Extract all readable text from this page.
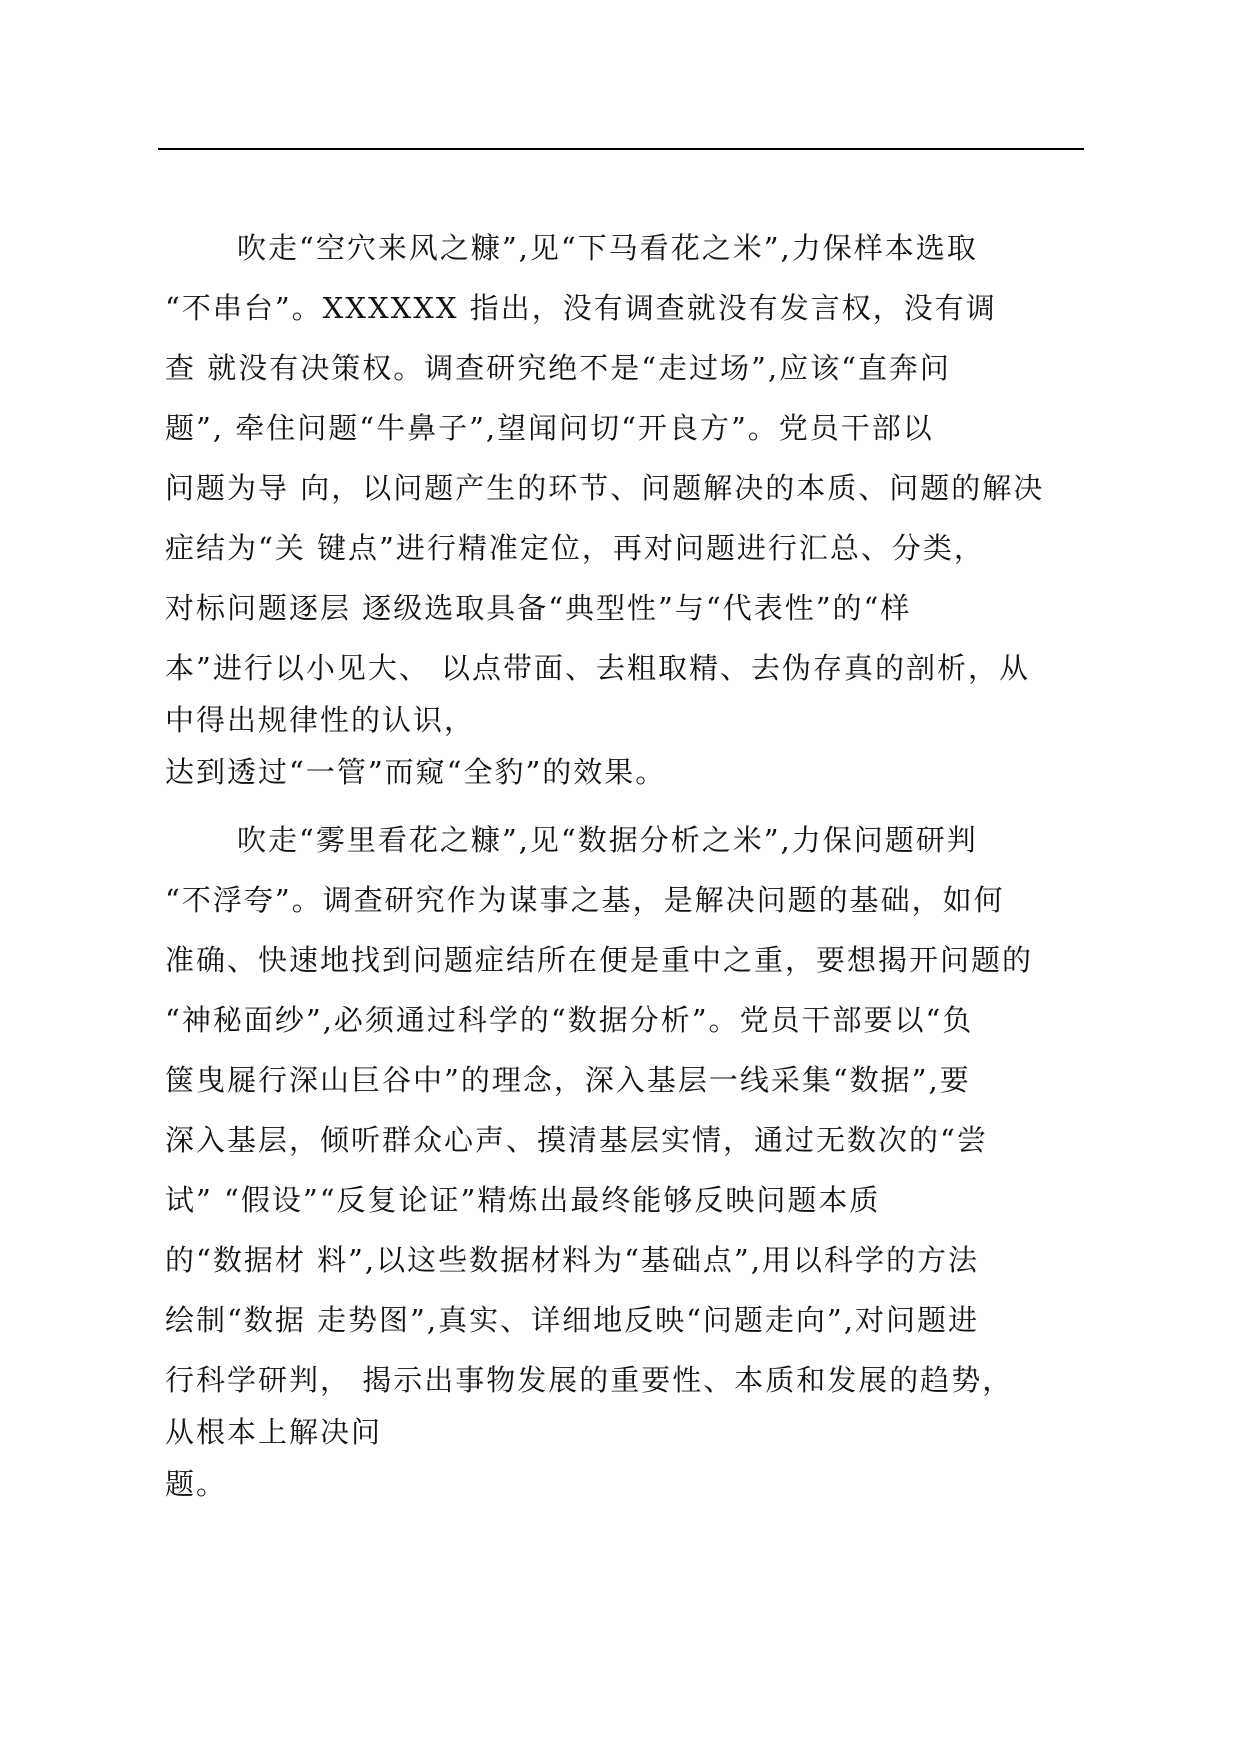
吹走“空穴来风之糠”,见“下马看花之米”,力保样本选取
“不串台”。XXXXXX 指出，没有调查就没有发言权，没有调
查 就没有决策权。调查研究绝不是“走过场”,应该“直奔问
题”, 牵住问题“牛鼻子”,望闻问切“开良方”。党员干部以
问题为导 向，以问题产生的环节、问题解决的本质、问题的解决
症结为“关 键点”进行精准定位，再对问题进行汇总、分类，
对标问题逐层 逐级选取具备“典型性”与“代表性”的“样
本”进行以小见大、 以点带面、去粗取精、去伪存真的剖析，从
中得出规律性的认识，
达到透过“一管”而窥“全豹”的效果。
吹走“雾里看花之糠”,见“数据分析之米”,力保问题研判
“不浮夸”。调查研究作为谋事之基，是解决问题的基础，如何
准确、快速地找到问题症结所在便是重中之重，要想揭开问题的
“神秘面纱”,必须通过科学的“数据分析”。党员干部要以“负
箧曳屣行深山巨谷中”的理念，深入基层一线采集“数据”,要
深入基层，倾听群众心声、摸清基层实情，通过无数次的“尝
试” “假设”“反复论证”精炼出最终能够反映问题本质
的“数据材 料”,以这些数据材料为“基础点”,用以科学的方法
绘制“数据 走势图”,真实、详细地反映“问题走向”,对问题进
行科学研判， 揭示出事物发展的重要性、本质和发展的趋势，
从根本上解决问
题。
